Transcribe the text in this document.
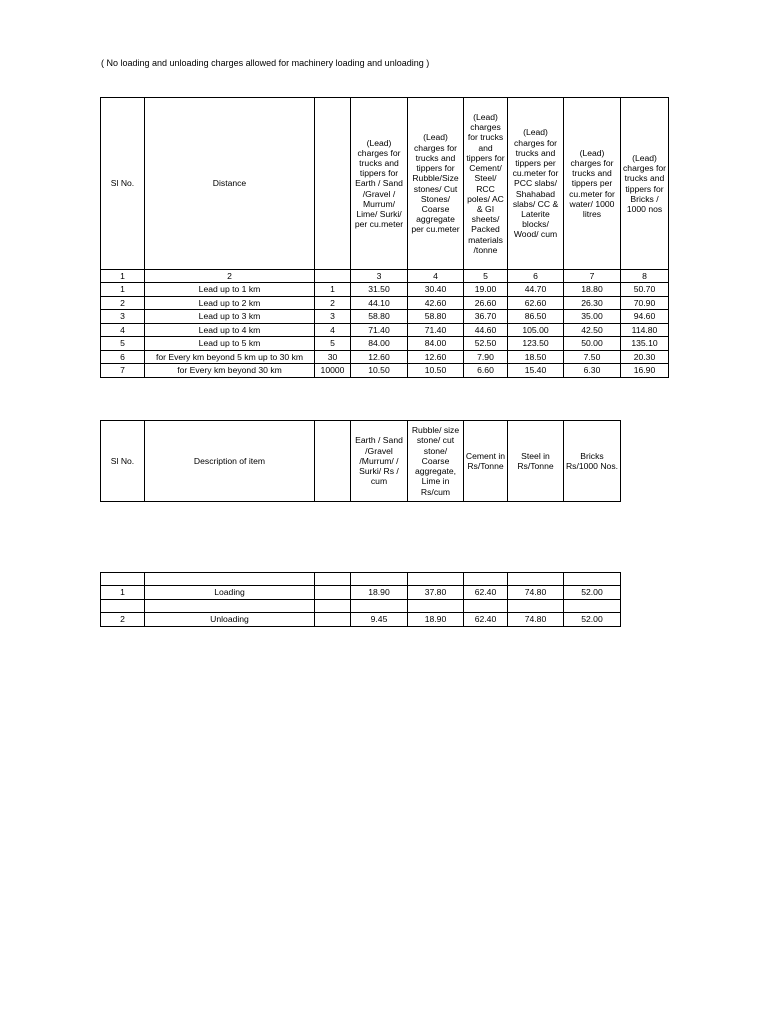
( No loading and unloading charges allowed for machinery loading and unloading )
Sl No.	Distance		(Lead) charges for trucks and tippers for Earth / Sand /Gravel / Murrum/ Lime/ Surki/ per cu.meter	(Lead) charges for trucks and tippers for Rubble/Size stones/ Cut Stones/ Coarse aggregate per cu.meter	(Lead) charges for trucks and tippers for Cement/ Steel/ RCC poles/ AC & GI sheets/ Packed materials /tonne	(Lead) charges for trucks and tippers per cu.meter for PCC slabs/ Shahabad slabs/ CC & Laterite blocks/ Wood/ cum	(Lead) charges for trucks and tippers per cu.meter for water/ 1000 litres	(Lead) charges for trucks and tippers for Bricks / 1000 nos
1	2		3	4	5	6	7	8
1	Lead up to 1 km	1	31.50	30.40	19.00	44.70	18.80	50.70
2	Lead up to 2 km	2	44.10	42.60	26.60	62.60	26.30	70.90
3	Lead up to 3 km	3	58.80	58.80	36.70	86.50	35.00	94.60
4	Lead up to 4 km	4	71.40	71.40	44.60	105.00	42.50	114.80
5	Lead up to 5 km	5	84.00	84.00	52.50	123.50	50.00	135.10
6	for Every km beyond 5 km up to 30 km	30	12.60	12.60	7.90	18.50	7.50	20.30
7	for Every km beyond 30 km	10000	10.50	10.50	6.60	15.40	6.30	16.90
Sl No.	Description of item		Earth / Sand /Gravel /Murrum/ / Surki/ Rs / cum	Rubble/ size stone/ cut stone/ Coarse aggregate, Lime in Rs/cum	Cement in Rs/Tonne	Steel in Rs/Tonne	Bricks Rs/1000 Nos.

1	Loading		18.90	37.80	62.40	74.80	52.00

2	Unloading		9.45	18.90	62.40	74.80	52.00
